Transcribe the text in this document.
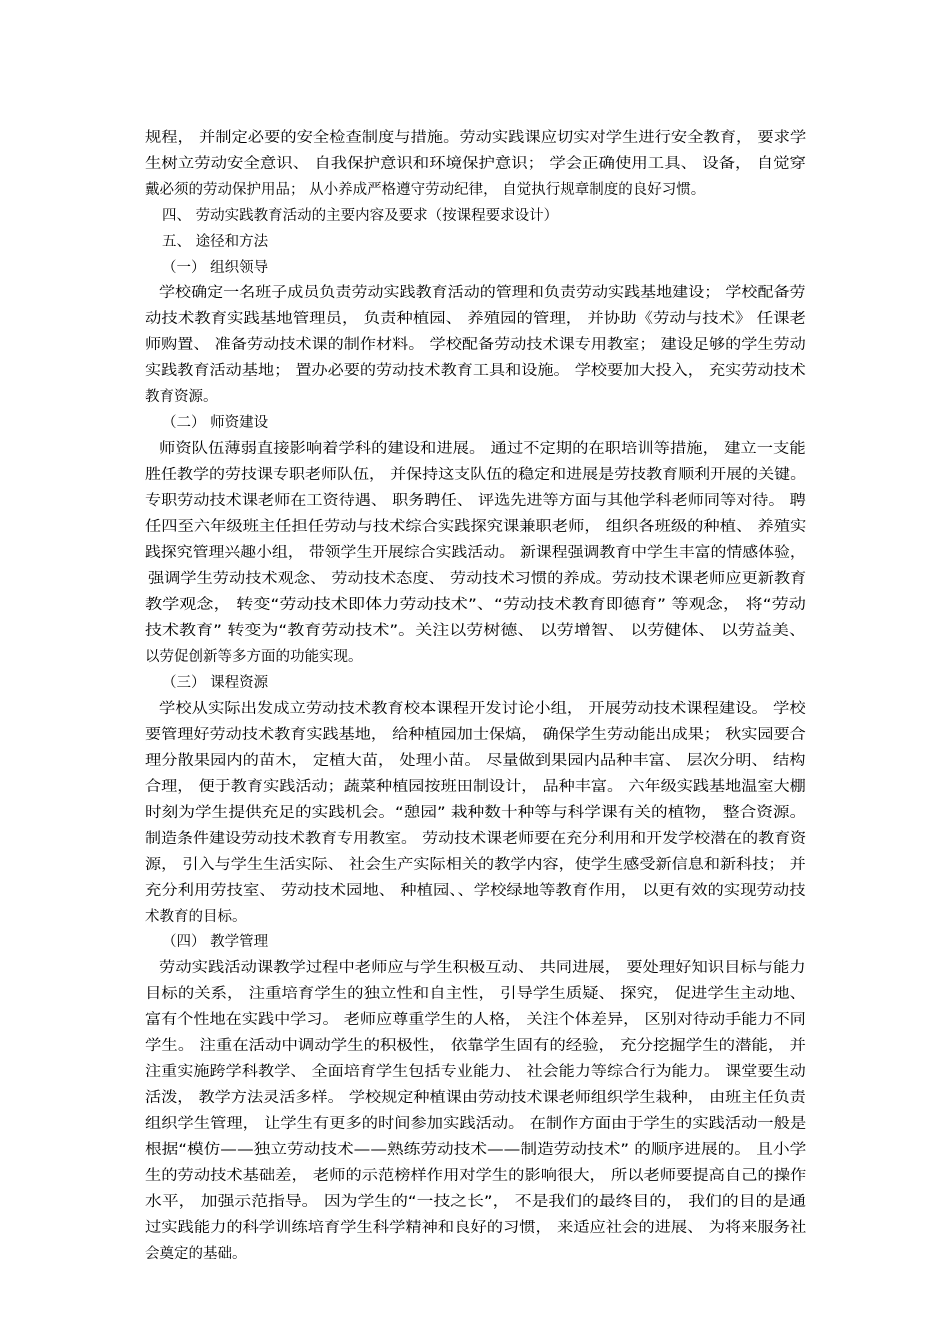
规程， 并制定必要的安全检查制度与措施。劳动实践课应切实对学生进行安全教育， 要求学

生树立劳动安全意识、 自我保护意识和环境保护意识； 学会正确使用工具、 设备， 自觉穿

戴必须的劳动保护用品； 从小养成严格遵守劳动纪律， 自觉执行规章制度的良好习惯。

四、 劳动实践教育活动的主要内容及要求（按课程要求设计）

五、 途径和方法

（一） 组织领导

学校确定一名班子成员负责劳动实践教育活动的管理和负责劳动实践基地建设； 学校配备劳

动技术教育实践基地管理员， 负责种植园、 养殖园的管理， 并协助《劳动与技术》 任课老

师购置、 准备劳动技术课的制作材料。 学校配备劳动技术课专用教室； 建设足够的学生劳动

实践教育活动基地； 置办必要的劳动技术教育工具和设施。 学校要加大投入， 充实劳动技术

教育资源。

（二） 师资建设

师资队伍薄弱直接影响着学科的建设和进展。 通过不定期的在职培训等措施， 建立一支能

胜任教学的劳技课专职老师队伍， 并保持这支队伍的稳定和进展是劳技教育顺利开展的关键。

专职劳动技术课老师在工资待遇、 职务聘任、 评选先进等方面与其他学科老师同等对待。 聘

任四至六年级班主任担任劳动与技术综合实践探究课兼职老师， 组织各班级的种植、 养殖实

践探究管理兴趣小组， 带领学生开展综合实践活动。 新课程强调教育中学生丰富的情感体验，

强调学生劳动技术观念、 劳动技术态度、 劳动技术习惯的养成。劳动技术课老师应更新教育

教学观念， 转变“劳动技术即体力劳动技术”、“劳动技术教育即德育” 等观念， 将“劳动

技术教育” 转变为“教育劳动技术”。关注以劳树德、 以劳增智、 以劳健体、 以劳益美、

以劳促创新等多方面的功能实现。

（三） 课程资源

学校从实际出发成立劳动技术教育校本课程开发讨论小组， 开展劳动技术课程建设。 学校

要管理好劳动技术教育实践基地， 给种植园加士保熇， 确保学生劳动能出成果； 秋实园要合

理分散果园内的苗木， 定植大苗， 处理小苗。 尽量做到果园内品种丰富、 层次分明、 结构

合理， 便于教育实践活动；蔬菜种植园按班田制设计， 品种丰富。 六年级实践基地温室大棚

时刻为学生提供充足的实践机会。“憩园” 栽种数十种等与科学课有关的植物， 整合资源。

制造条件建设劳动技术教育专用教室。 劳动技术课老师要在充分利用和开发学校潜在的教育资

源， 引入与学生生活实际、 社会生产实际相关的教学内容，使学生感受新信息和新科技； 并

充分利用劳技室、 劳动技术园地、 种植园、、学校绿地等教育作用， 以更有效的实现劳动技

术教育的目标。

（四） 教学管理

劳动实践活动课教学过程中老师应与学生积极互动、 共同进展， 要处理好知识目标与能力

目标的关系， 注重培育学生的独立性和自主性， 引导学生质疑、 探究， 促进学生主动地、

富有个性地在实践中学习。 老师应尊重学生的人格， 关注个体差异， 区别对待动手能力不同

学生。 注重在活动中调动学生的积极性， 依靠学生固有的经验， 充分挖掘学生的潜能， 并

注重实施跨学科教学、 全面培育学生包括专业能力、 社会能力等综合行为能力。 课堂要生动

活泼， 教学方法灵活多样。 学校规定种植课由劳动技术课老师组织学生栽种， 由班主任负责

组织学生管理， 让学生有更多的时间参加实践活动。 在制作方面由于学生的实践活动一般是

根据“模仿——独立劳动技术——熟练劳动技术——制造劳动技术” 的顺序进展的。 且小学

生的劳动技术基础差， 老师的示范榜样作用对学生的影响很大， 所以老师要提高自己的操作

水平， 加强示范指导。 因为学生的“一技之长”， 不是我们的最终目的， 我们的目的是通

过实践能力的科学训练培育学生科学精神和良好的习惯， 来适应社会的进展、 为将来服务社

会奠定的基础。
